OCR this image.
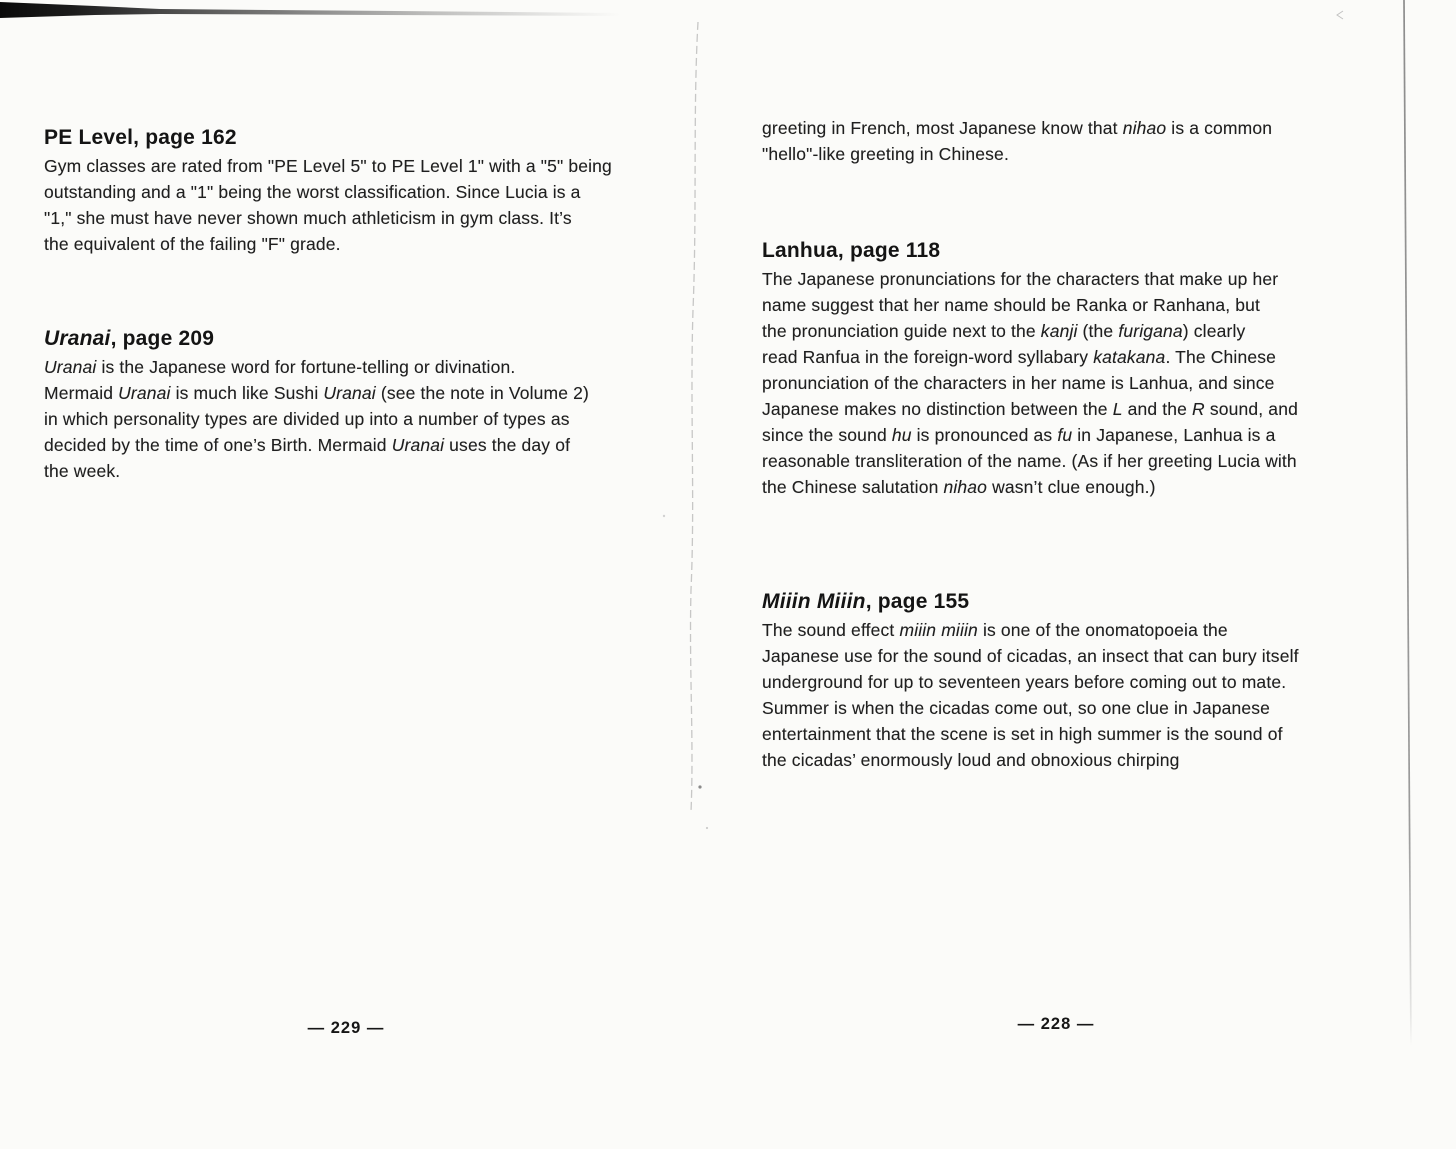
PE Level, page 162
Gym classes are rated from "PE Level 5" to PE Level 1" with a "5" being
outstanding and a "1" being the worst classification. Since Lucia is a
"1," she must have never shown much athleticism in gym class. It’s
the equivalent of the failing "F" grade.
Uranai, page 209
Uranai is the Japanese word for fortune-telling or divination.
Mermaid Uranai is much like Sushi Uranai (see the note in Volume 2)
in which personality types are divided up into a number of types as
decided by the time of one’s Birth. Mermaid Uranai uses the day of
the week.
— 229 —
greeting in French, most Japanese know that nihao is a common
"hello"-like greeting in Chinese.
Lanhua, page 118
The Japanese pronunciations for the characters that make up her
name suggest that her name should be Ranka or Ranhana, but
the pronunciation guide next to the kanji (the furigana) clearly
read Ranfua in the foreign-word syllabary katakana. The Chinese
pronunciation of the characters in her name is Lanhua, and since
Japanese makes no distinction between the L and the R sound, and
since the sound hu is pronounced as fu in Japanese, Lanhua is a
reasonable transliteration of the name. (As if her greeting Lucia with
the Chinese salutation nihao wasn’t clue enough.)
Miiin Miiin, page 155
The sound effect miiin miiin is one of the onomatopoeia the
Japanese use for the sound of cicadas, an insect that can bury itself
underground for up to seventeen years before coming out to mate.
Summer is when the cicadas come out, so one clue in Japanese
entertainment that the scene is set in high summer is the sound of
the cicadas’ enormously loud and obnoxious chirping
— 228 —
